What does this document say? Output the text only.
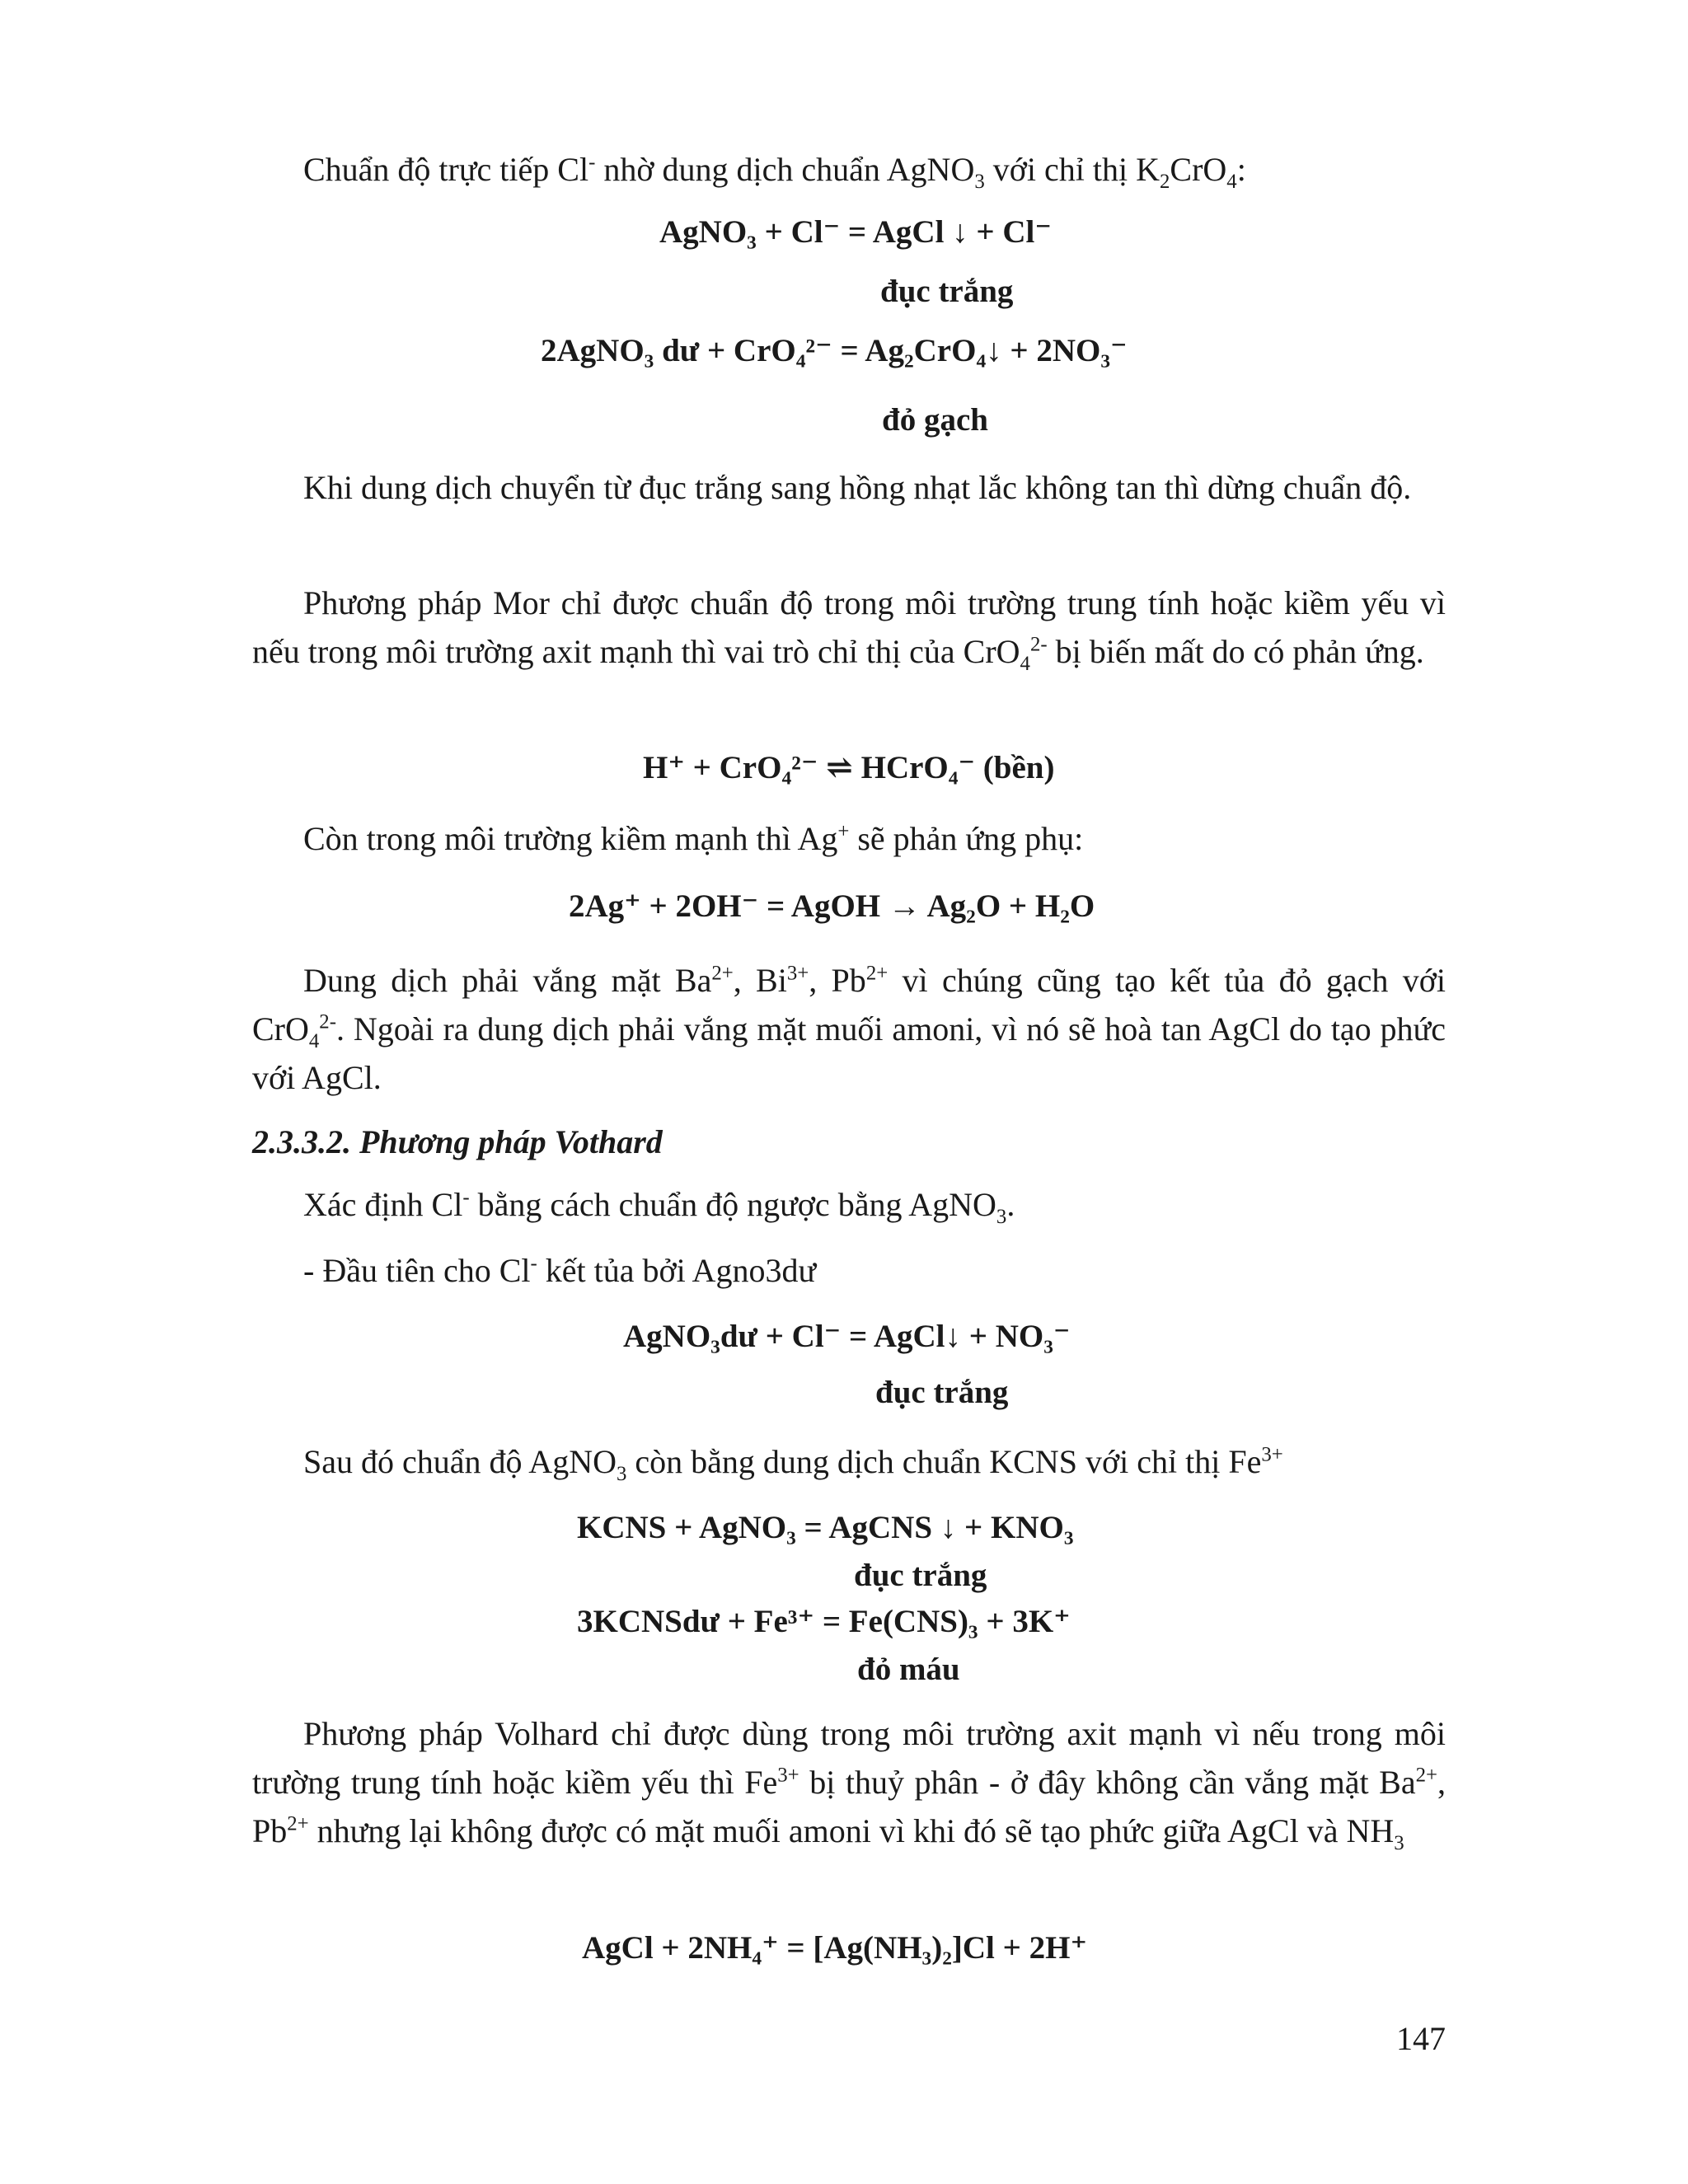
Chuẩn độ trực tiếp Cl- nhờ dung dịch chuẩn AgNO$_3$ với chỉ thị $K_2CrO_4$:

AgNO₃ + Cl⁻ = AgCl ↓ + Cl⁻
đục trắng
2AgNO₃ dư + CrO₄²⁻ = Ag₂CrO₄↓ + 2NO₃⁻
đỏ gạch

Khi dung dịch chuyển từ đục trắng sang hồng nhạt lắc không tan thì dừng chuẩn độ.

Phương pháp Mor chỉ được chuẩn độ trong môi trường trung tính hoặc kiềm yếu vì nếu trong môi trường axit mạnh thì vai trò chỉ thị của CrO$_4^{2-}$ bị biến mất do có phản ứng.

H⁺ + CrO₄²⁻ ⇌ HCrO₄⁻ (bền)

Còn trong môi trường kiềm mạnh thì Ag+ sẽ phản ứng phụ:

2Ag⁺ + 2OH⁻ = AgOH → Ag₂O + H₂O

Dung dịch phải vắng mặt $Ba^{2+}$, $Bi^{3+}$, $Pb^{2+}$ vì chúng cũng tạo kết tủa đỏ gạch với CrO$_4^{2-}$. Ngoài ra dung dịch phải vắng mặt muối amoni, vì nó sẽ hoà tan AgCl do tạo phức với AgCl.

2.3.3.2. Phương pháp Vothard

Xác định Cl- bằng cách chuẩn độ ngược bằng AgNO$_3$.

- Đầu tiên cho Cl- kết tủa bởi Agno3dư

AgNO₃dư + Cl⁻ = AgCl↓ + NO₃⁻
đục trắng

Sau đó chuẩn độ AgNO$_3$ còn bằng dung dịch chuẩn KCNS với chỉ thị $Fe^{3+}$

KCNS + AgNO₃ = AgCNS ↓ + KNO₃
đục trắng
3KCNSdư + Fe³⁺ = Fe(CNS)₃ + 3K⁺
đỏ máu

Phương pháp Volhard chỉ được dùng trong môi trường axit mạnh vì nếu trong môi trường trung tính hoặc kiềm yếu thì $Fe^{3+}$ bị thuỷ phân - ở đây không cần vắng mặt $Ba^{2+}$, $Pb^{2+}$ nhưng lại không được có mặt muối amoni vì khi đó sẽ tạo phức giữa AgCl và $NH_3$

AgCl + 2NH₄⁺ = [Ag(NH₃)₂]Cl + 2H⁺
147
